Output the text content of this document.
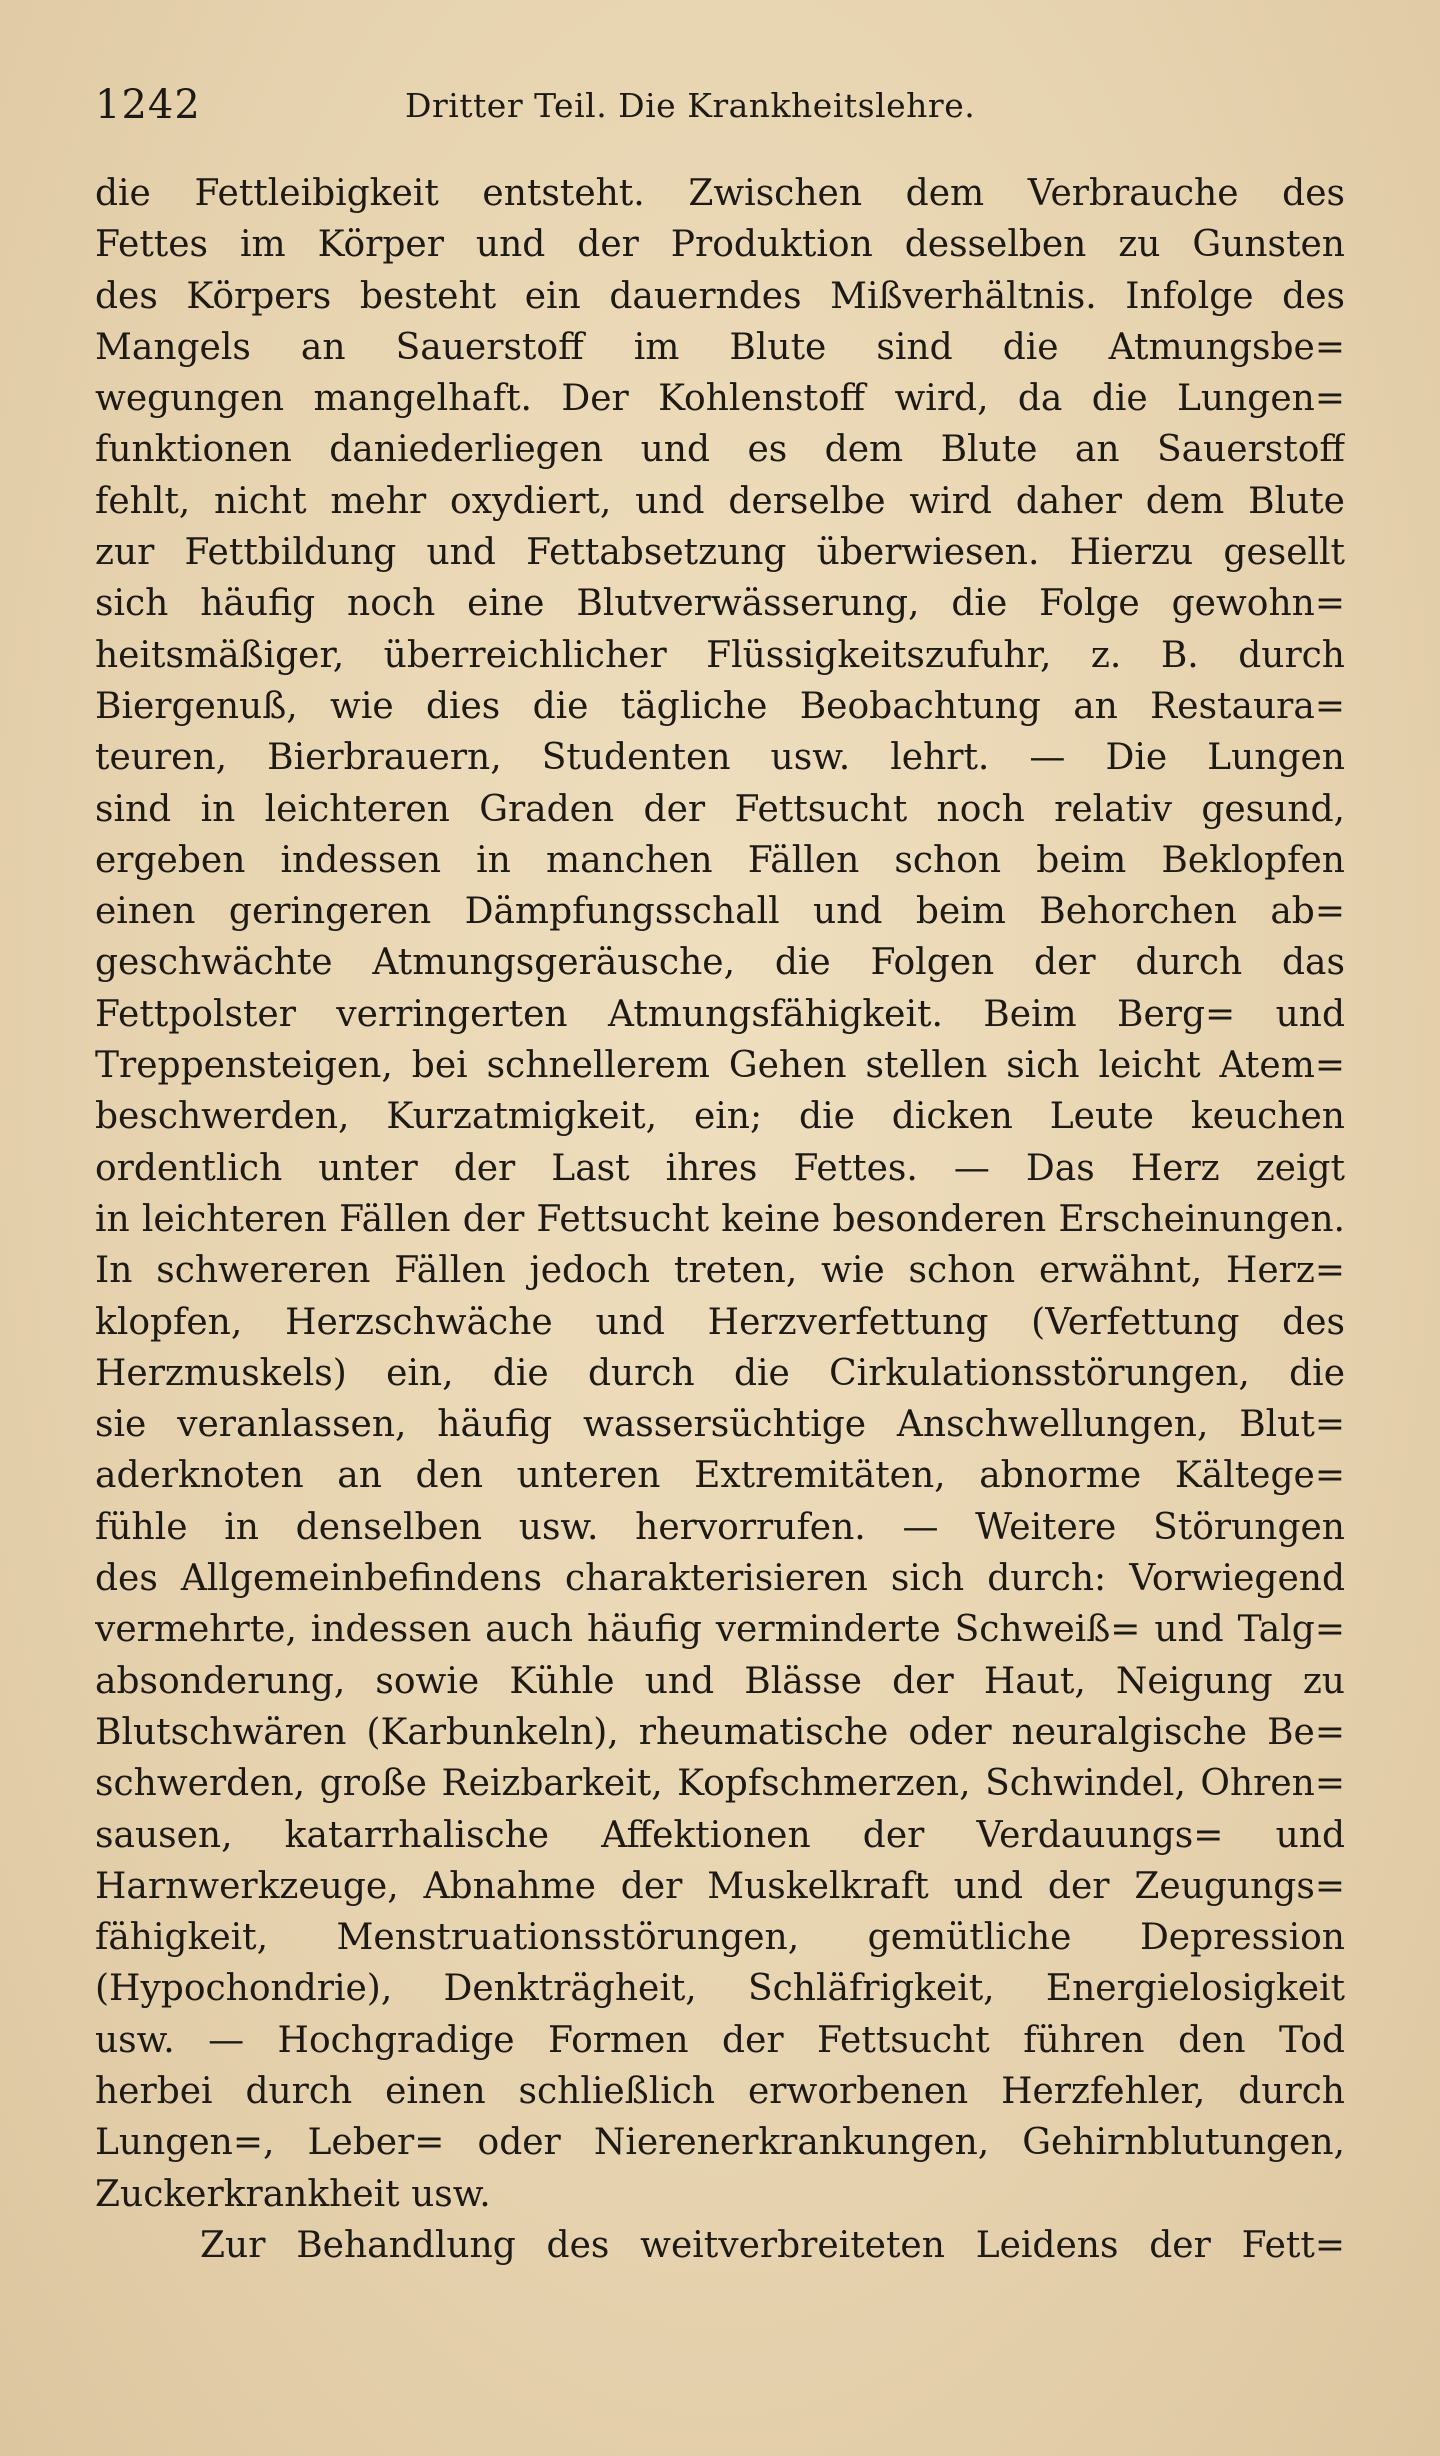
1242	Dritter Teil. Die Krankheitslehre.
die Fettleibigkeit entsteht. Zwischen dem Verbrauche des
Fettes im Körper und der Produktion desselben zu Gunsten
des Körpers besteht ein dauerndes Mißverhältnis. Infolge des
Mangels an Sauerstoff im Blute sind die Atmungsbe=
wegungen mangelhaft. Der Kohlenstoff wird, da die Lungen=
funktionen daniederliegen und es dem Blute an Sauerstoff
fehlt, nicht mehr oxydiert, und derselbe wird daher dem Blute
zur Fettbildung und Fettabsetzung überwiesen. Hierzu gesellt
sich häufig noch eine Blutverwässerung, die Folge gewohn=
heitsmäßiger, überreichlicher Flüssigkeitszufuhr, z. B. durch
Biergenuß, wie dies die tägliche Beobachtung an Restaura=
teuren, Bierbrauern, Studenten usw. lehrt. — Die Lungen
sind in leichteren Graden der Fettsucht noch relativ gesund,
ergeben indessen in manchen Fällen schon beim Beklopfen
einen geringeren Dämpfungsschall und beim Behorchen ab=
geschwächte Atmungsgeräusche, die Folgen der durch das
Fettpolster verringerten Atmungsfähigkeit. Beim Berg= und
Treppensteigen, bei schnellerem Gehen stellen sich leicht Atem=
beschwerden, Kurzatmigkeit, ein; die dicken Leute keuchen
ordentlich unter der Last ihres Fettes. — Das Herz zeigt
in leichteren Fällen der Fettsucht keine besonderen Erscheinungen.
In schwereren Fällen jedoch treten, wie schon erwähnt, Herz=
klopfen, Herzschwäche und Herzverfettung (Verfettung des
Herzmuskels) ein, die durch die Cirkulationsstörungen, die
sie veranlassen, häufig wassersüchtige Anschwellungen, Blut=
aderknoten an den unteren Extremitäten, abnorme Kältege=
fühle in denselben usw. hervorrufen. — Weitere Störungen
des Allgemeinbefindens charakterisieren sich durch: Vorwiegend
vermehrte, indessen auch häufig verminderte Schweiß= und Talg=
absonderung, sowie Kühle und Blässe der Haut, Neigung zu
Blutschwären (Karbunkeln), rheumatische oder neuralgische Be=
schwerden, große Reizbarkeit, Kopfschmerzen, Schwindel, Ohren=
sausen, katarrhalische Affektionen der Verdauungs= und
Harnwerkzeuge, Abnahme der Muskelkraft und der Zeugungs=
fähigkeit, Menstruationsstörungen, gemütliche Depression
(Hypochondrie), Denkträgheit, Schläfrigkeit, Energielosigkeit
usw. — Hochgradige Formen der Fettsucht führen den Tod
herbei durch einen schließlich erworbenen Herzfehler, durch
Lungen=, Leber= oder Nierenerkrankungen, Gehirnblutungen,
Zuckerkrankheit usw.
Zur Behandlung des weitverbreiteten Leidens der Fett=
